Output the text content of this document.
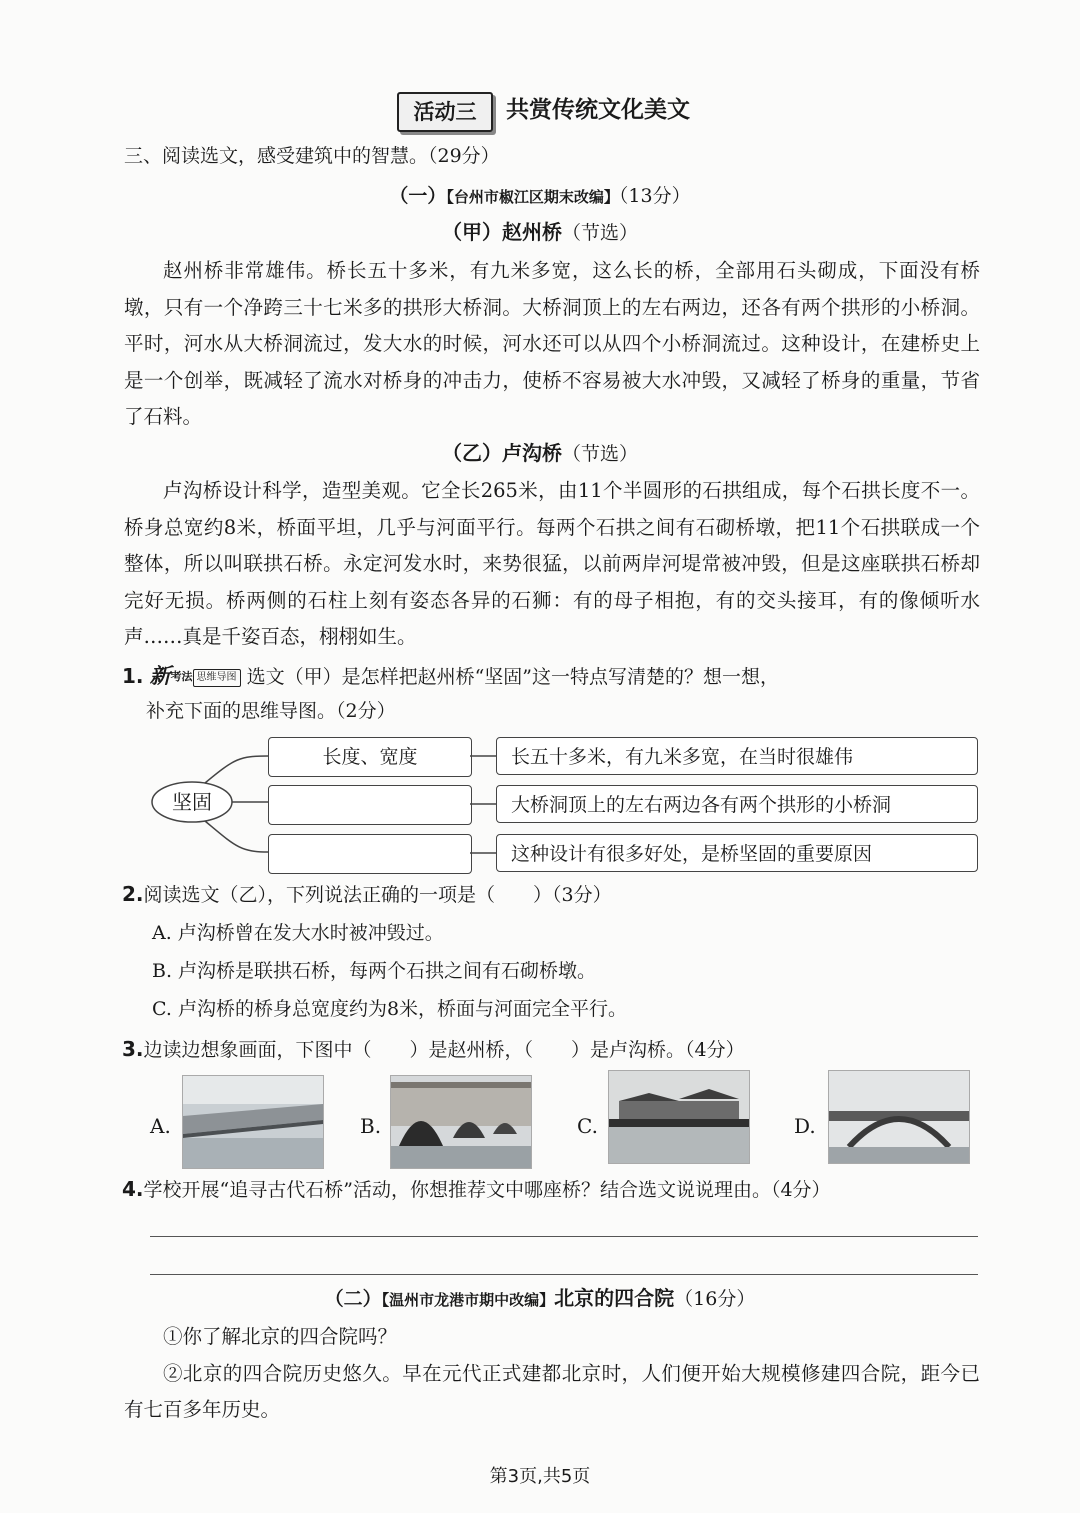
活动三	共赏传统文化美文
三、阅读选文，感受建筑中的智慧。（29分）
（一）【台州市椒江区期末改编】（13分）
（甲）赵州桥（节选）

赵州桥非常雄伟。桥长五十多米，有九米多宽，这么长的桥，全部用石头砌成，下面没有桥墩，只有一个净跨三十七米多的拱形大桥洞。大桥洞顶上的左右两边，还各有两个拱形的小桥洞。平时，河水从大桥洞流过，发大水的时候，河水还可以从四个小桥洞流过。这种设计，在建桥史上是一个创举，既减轻了流水对桥身的冲击力，使桥不容易被大水冲毁，又减轻了桥身的重量，节省了石料。

（乙）卢沟桥（节选）

卢沟桥设计科学，造型美观。它全长265米，由11个半圆形的石拱组成，每个石拱长度不一。桥身总宽约8米，桥面平坦，几乎与河面平行。每两个石拱之间有石砌桥墩，把11个石拱联成一个整体，所以叫联拱石桥。永定河发水时，来势很猛，以前两岸河堤常被冲毁，但是这座联拱石桥却完好无损。桥两侧的石柱上刻有姿态各异的石狮：有的母子相抱，有的交头接耳，有的像倾听水声……真是千姿百态，栩栩如生。

1. 新考法 思维导图 选文（甲）是怎样把赵州桥“坚固”这一特点写清楚的？想一想，
补充下面的思维导图。（2分）
坚固
长度、宽度	长五十多米，有九米多宽，在当时很雄伟
大桥洞顶上的左右两边各有两个拱形的小桥洞
这种设计有很多好处，是桥坚固的重要原因
2.阅读选文（乙），下列说法正确的一项是（　　）（3分）
A. 卢沟桥曾在发大水时被冲毁过。
B. 卢沟桥是联拱石桥，每两个石拱之间有石砌桥墩。
C. 卢沟桥的桥身总宽度约为8米，桥面与河面完全平行。
3.边读边想象画面，下图中（　　）是赵州桥，（　　）是卢沟桥。（4分）
A.	B.	C.	D.
4.学校开展“追寻古代石桥”活动，你想推荐文中哪座桥？结合选文说说理由。（4分）
（二）【温州市龙港市期中改编】北京的四合院（16分）

①你了解北京的四合院吗？

②北京的四合院历史悠久。早在元代正式建都北京时，人们便开始大规模修建四合院，距今已有七百多年历史。

第3页,共5页
